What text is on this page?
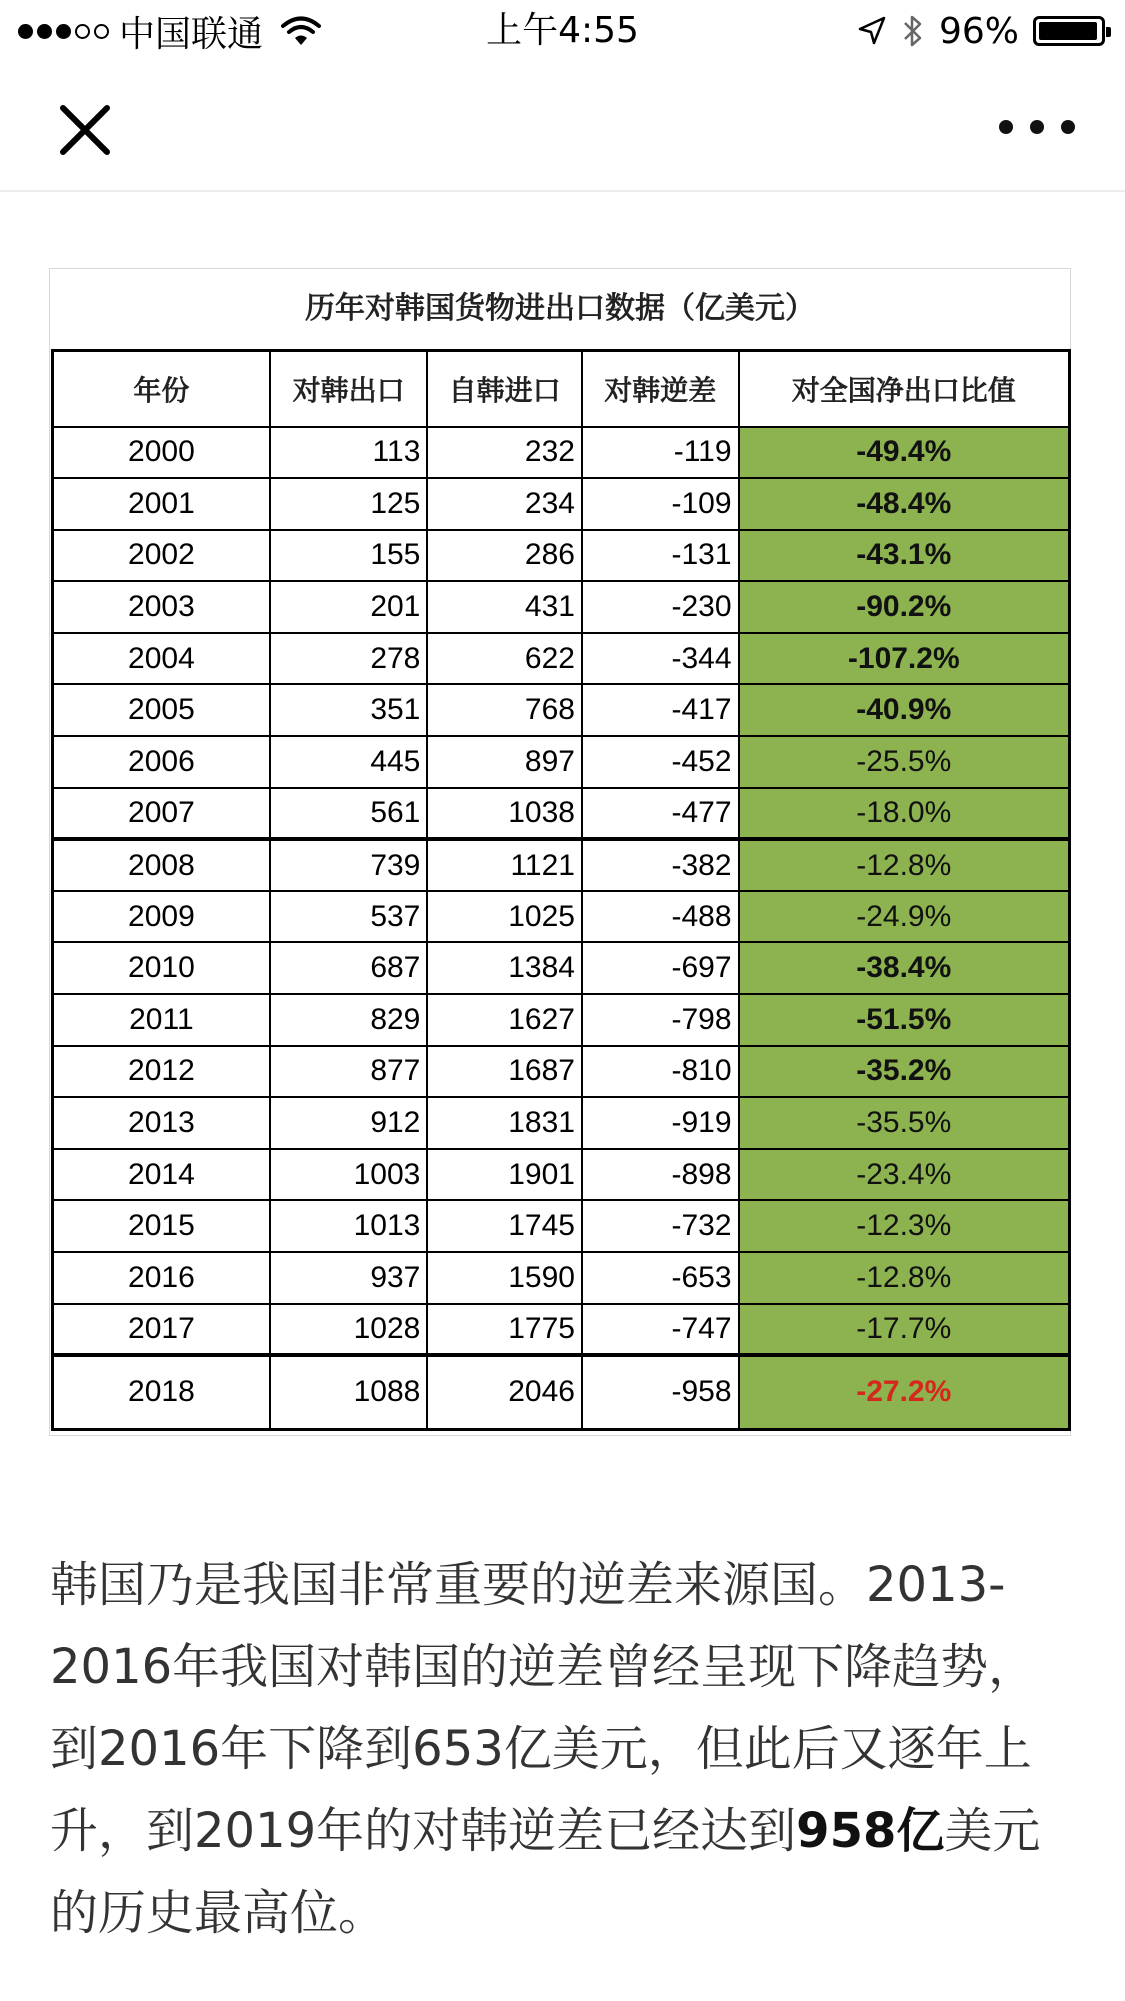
中国联通	上午4:55	96%
历年对韩国货物进出口数据（亿美元）
年份	对韩出口	自韩进口	对韩逆差	对全国净出口比值
2000	113	232	-119	-49.4%
2001	125	234	-109	-48.4%
2002	155	286	-131	-43.1%
2003	201	431	-230	-90.2%
2004	278	622	-344	-107.2%
2005	351	768	-417	-40.9%
2006	445	897	-452	-25.5%
2007	561	1038	-477	-18.0%
2008	739	1121	-382	-12.8%
2009	537	1025	-488	-24.9%
2010	687	1384	-697	-38.4%
2011	829	1627	-798	-51.5%
2012	877	1687	-810	-35.2%
2013	912	1831	-919	-35.5%
2014	1003	1901	-898	-23.4%
2015	1013	1745	-732	-12.3%
2016	937	1590	-653	-12.8%
2017	1028	1775	-747	-17.7%
2018	1088	2046	-958	-27.2%
韩国乃是我国非常重要的逆差来源国。2013-2016年我国对韩国的逆差曾经呈现下降趋势，到2016年下降到653亿美元，但此后又逐年上升，到2019年的对韩逆差已经达到958亿美元的历史最高位。
